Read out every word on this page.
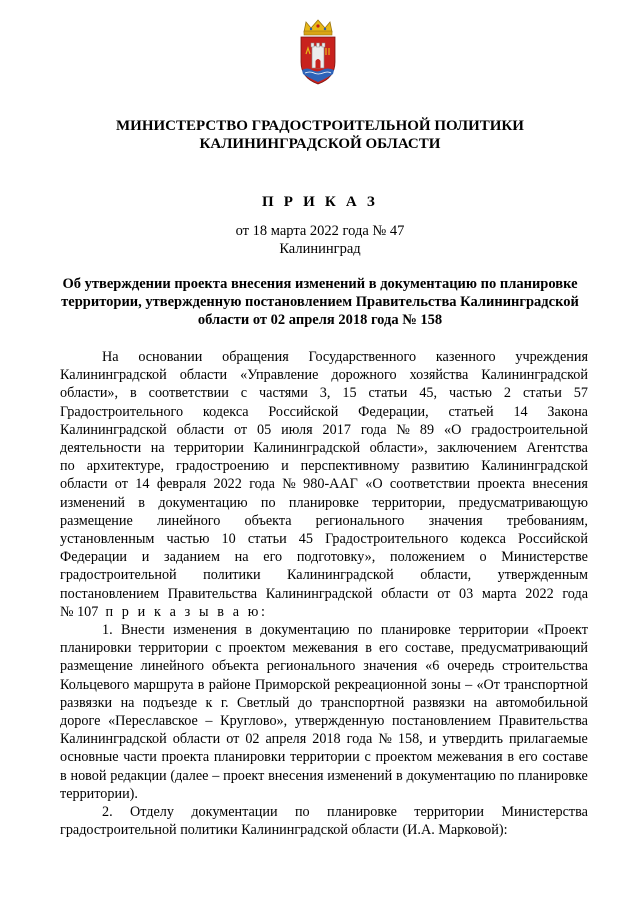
МИНИСТЕРСТВО ГРАДОСТРОИТЕЛЬНОЙ ПОЛИТИКИ
КАЛИНИНГРАДСКОЙ ОБЛАСТИ
П Р И К А З
от 18 марта 2022 года № 47
Калининград
Об утверждении проекта внесения изменений в документацию по планировке
территории, утвержденную постановлением Правительства Калининградской
области от 02 апреля 2018 года № 158
На основании обращения Государственного казенного учреждения
Калининградской области «Управление дорожного хозяйства Калининградской
области», в соответствии с частями 3, 15 статьи 45, частью 2 статьи 57
Градостроительного кодекса Российской Федерации, статьей 14 Закона
Калининградской области от 05 июля 2017 года № 89 «О градостроительной
деятельности на территории Калининградской области», заключением Агентства
по архитектуре, градостроению и перспективному развитию Калининградской
области от 14 февраля 2022 года № 980-ААГ «О соответствии проекта внесения
изменений в документацию по планировке территории, предусматривающую
размещение линейного объекта регионального значения требованиям,
установленным частью 10 статьи 45 Градостроительного кодекса Российской
Федерации и заданием на его подготовку», положением о Министерстве
градостроительной политики Калининградской области, утвержденным
постановлением Правительства Калининградской области от 03 марта 2022 года
№ 107 п р и к а з ы в а ю:
1. Внести изменения в документацию по планировке территории «Проект
планировки территории с проектом межевания в его составе, предусматривающий
размещение линейного объекта регионального значения «6 очередь строительства
Кольцевого маршрута в районе Приморской рекреационной зоны – «От транспортной
развязки на подъезде к г. Светлый до транспортной развязки на автомобильной
дороге «Переславское – Круглово», утвержденную постановлением Правительства
Калининградской области от 02 апреля 2018 года № 158, и утвердить прилагаемые
основные части проекта планировки территории с проектом межевания в его составе
в новой редакции (далее – проект внесения изменений в документацию по планировке
территории).
2. Отделу документации по планировке территории Министерства
градостроительной политики Калининградской области (И.А. Марковой):
